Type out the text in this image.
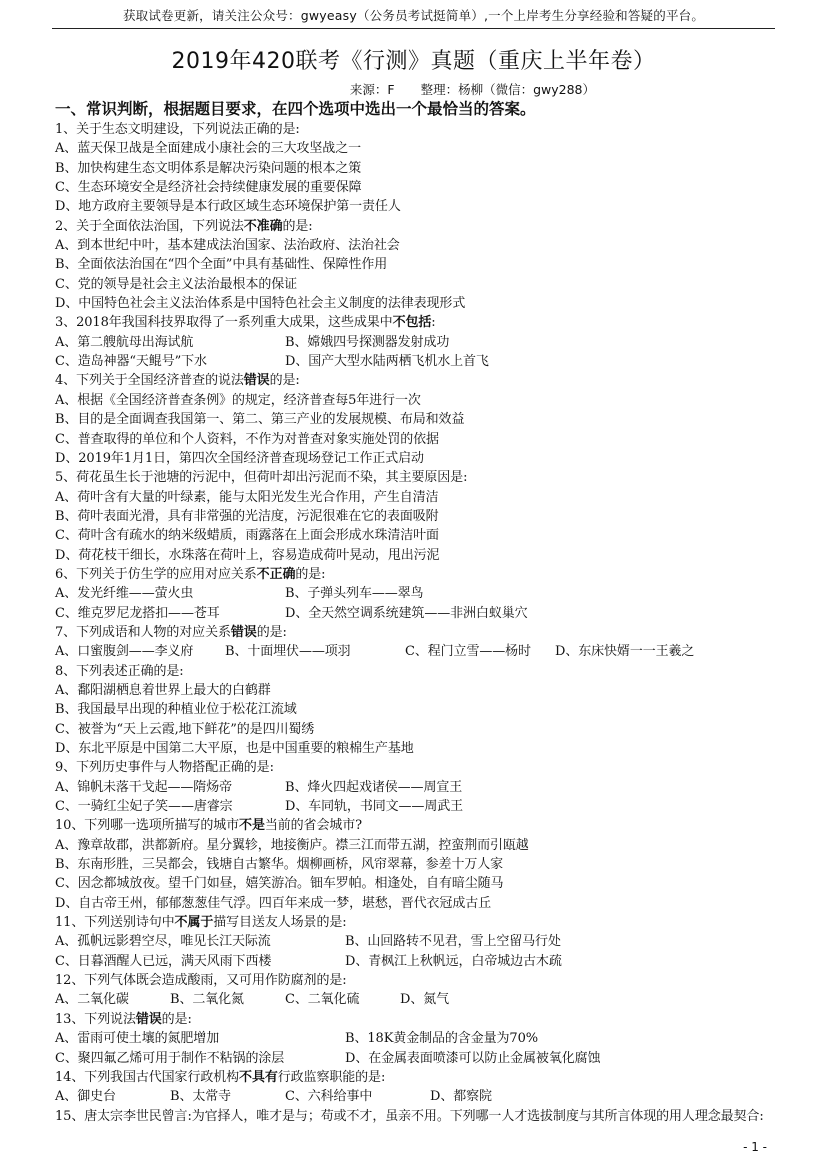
获取试卷更新，请关注公众号：gwyeasy（公务员考试挺简单）,一个上岸考生分享经验和答疑的平台。
2019年420联考《行测》真题（重庆上半年卷）
来源：F 整理：杨柳（微信：gwy288）
一、常识判断，根据题目要求，在四个选项中选出一个最恰当的答案。
1、关于生态文明建设，下列说法正确的是:
A、蓝天保卫战是全面建成小康社会的三大攻坚战之一
B、加快构建生态文明体系是解决污染问题的根本之策
C、生态环境安全是经济社会持续健康发展的重要保障
D、地方政府主要领导是本行政区域生态环境保护第一责任人
2、关于全面依法治国，下列说法不准确的是:
A、到本世纪中叶，基本建成法治国家、法治政府、法治社会
B、全面依法治国在“四个全面”中具有基础性、保障性作用
C、党的领导是社会主义法治最根本的保证
D、中国特色社会主义法治体系是中国特色社会主义制度的法律表现形式
3、2018年我国科技界取得了一系列重大成果，这些成果中不包括:
A、第二艘航母出海试航	B、嫦娥四号探测器发射成功
C、造岛神器“天鲲号”下水	D、国产大型水陆两栖飞机水上首飞
4、下列关于全国经济普查的说法错误的是:
A、根据《全国经济普查条例》的规定，经济普查每5年进行一次
B、目的是全面调查我国第一、第二、第三产业的发展规模、布局和效益
C、普查取得的单位和个人资料，不作为对普查对象实施处罚的依据
D、2019年1月1日，第四次全国经济普查现场登记工作正式启动
5、荷花虽生长于池塘的污泥中，但荷叶却出污泥而不染，其主要原因是:
A、荷叶含有大量的叶绿素，能与太阳光发生光合作用，产生自清洁
B、荷叶表面光滑，具有非常强的光洁度，污泥很难在它的表面吸附
C、荷叶含有疏水的纳米级蜡质，雨露落在上面会形成水珠清洁叶面
D、荷花枝干细长，水珠落在荷叶上，容易造成荷叶晃动，甩出污泥
6、下列关于仿生学的应用对应关系不正确的是:
A、发光纤维——萤火虫	B、子弹头列车——翠鸟
C、维克罗尼龙搭扣——苍耳	D、全天然空调系统建筑——非洲白蚁巢穴
7、下列成语和人物的对应关系错误的是:
A、口蜜腹剑——李义府	B、十面埋伏——项羽	C、程门立雪——杨时	D、东床快婿一一王羲之
8、下列表述正确的是:
A、鄱阳湖栖息着世界上最大的白鹤群
B、我国最早出现的种植业位于松花江流域
C、被誉为“天上云霞,地下鲜花”的是四川蜀绣
D、东北平原是中国第二大平原，也是中国重要的粮棉生产基地
9、下列历史事件与人物搭配正确的是:
A、锦帆未落干戈起——隋炀帝	B、烽火四起戏诸侯——周宣王
C、一骑红尘妃子笑——唐睿宗	D、车同轨，书同文——周武王
10、下列哪一选项所描写的城市不是当前的省会城市?
A、豫章故郡，洪都新府。星分翼轸，地接衡庐。襟三江而带五湖，控蛮荆而引瓯越
B、东南形胜，三吴都会，钱塘自古繁华。烟柳画桥，风帘翠幕，参差十万人家
C、因念都城放夜。望千门如昼，嬉笑游冶。钿车罗帕。相逢处，自有暗尘随马
D、自古帝王州，郁郁葱葱佳气浮。四百年来成一梦，堪愁，晋代衣冠成古丘
11、下列送别诗句中不属于描写目送友人场景的是:
A、孤帆远影碧空尽，唯见长江天际流	B、山回路转不见君，雪上空留马行处
C、日暮酒醒人已远，满天风雨下西楼	D、青枫江上秋帆远，白帝城边古木疏
12、下列气体既会造成酸雨，又可用作防腐剂的是:
A、二氧化碳	B、二氧化氮	C、二氧化硫	D、氮气
13、下列说法错误的是:
A、雷雨可使土壤的氮肥增加	B、18K黄金制品的含金量为70%
C、聚四氟乙烯可用于制作不粘锅的涂层	D、在金属表面喷漆可以防止金属被氧化腐蚀
14、下列我国古代国家行政机构不具有行政监察职能的是:
A、御史台	B、太常寺	C、六科给事中	D、都察院
15、唐太宗李世民曾言:为官择人，唯才是与；苟或不才，虽亲不用。下列哪一人才选拔制度与其所言体现的用人理念最契合:
- 1 -
